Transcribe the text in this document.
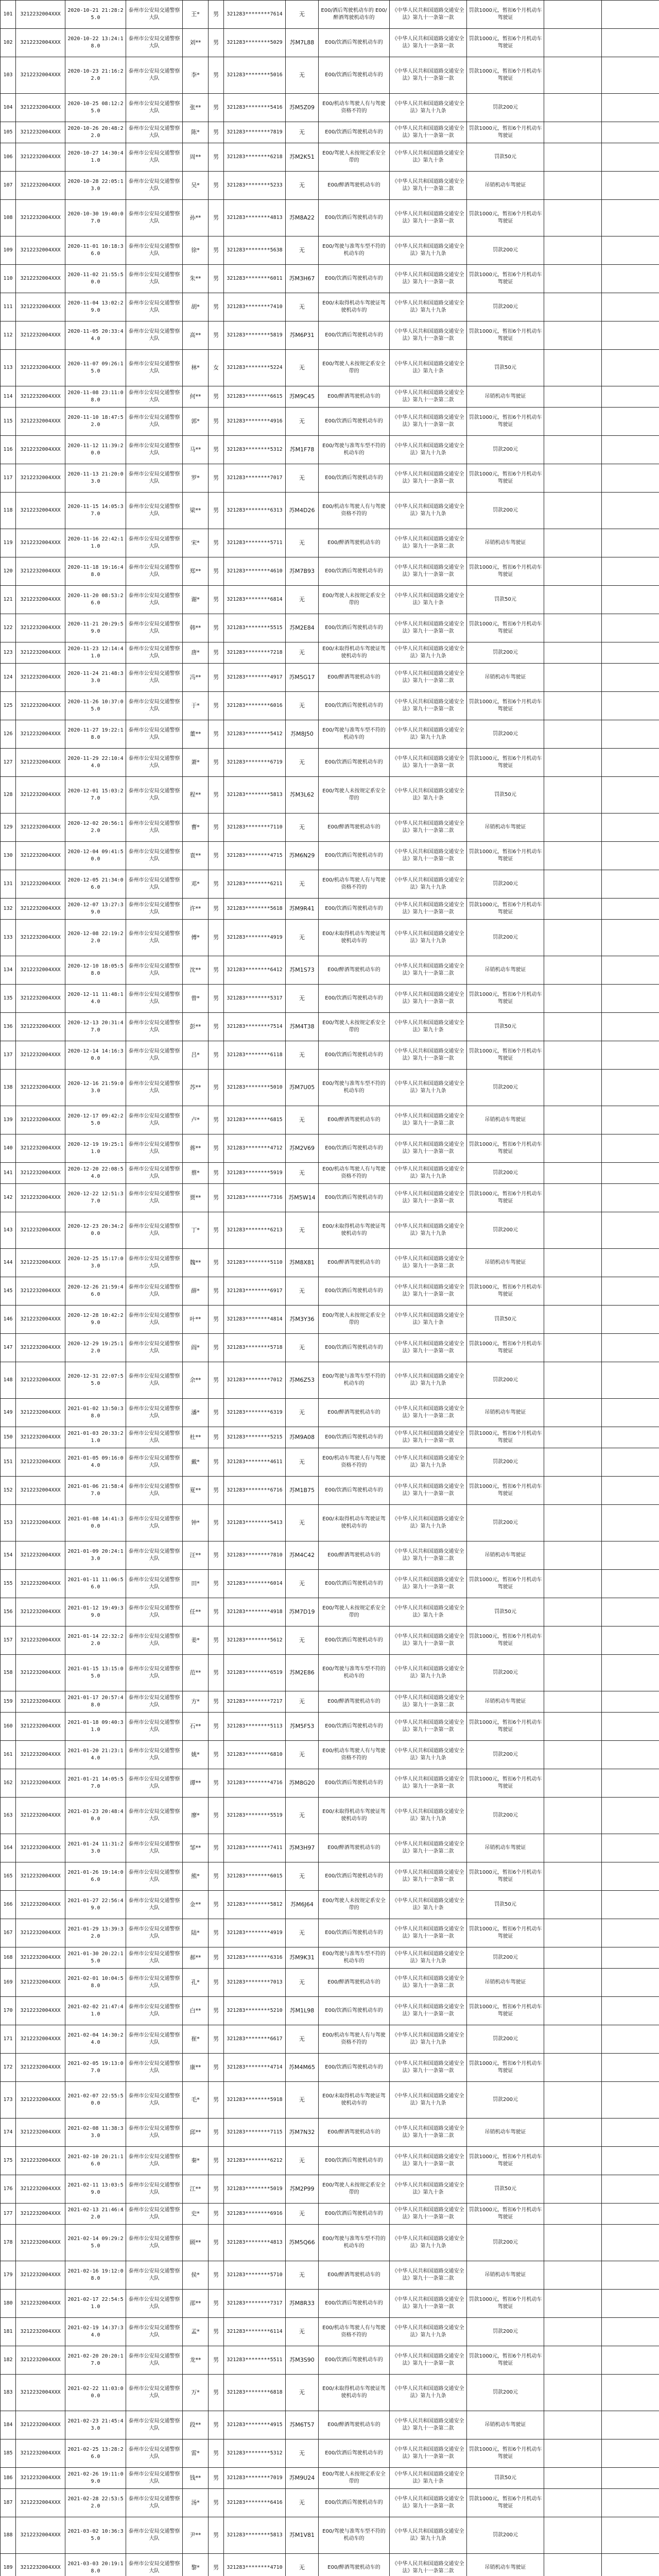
101	3212232004XXX	2020-10-21 21:28:25.0	泰州市公安局交通警察大队	王*	男	321283********7614	无	E00/酒后驾驶机动车的 E00/醉酒驾驶机动车的	《中华人民共和国道路交通安全法》第九十一条第一款	罚款1000元，暂扣6个月机动车驾驶证		
102	3212232004XXX	2020-10-22 13:24:18.0	泰州市公安局交通警察大队	刘**	男	321283********5029	苏M7L88	E00/饮酒后驾驶机动车的	《中华人民共和国道路交通安全法》第九十一条第一款	罚款1000元，暂扣6个月机动车驾驶证		
103	3212232004XXX	2020-10-23 21:16:22.0	泰州市公安局交通警察大队	李*	男	321283********5016	无	E00/饮酒后驾驶机动车的	《中华人民共和国道路交通安全法》第九十一条第一款	罚款1000元，暂扣6个月机动车驾驶证		
104	3212232004XXX	2020-10-25 08:12:25.0	泰州市公安局交通警察大队	张**	男	321283********5416	苏M5Z09	E00/机动车驾驶人有与驾驶资格不符的	《中华人民共和国道路交通安全法》第九十九条	罚款200元		
105	3212232004XXX	2020-10-26 20:48:22.0	泰州市公安局交通警察大队	陈*	男	321283********7819	无	E00/饮酒后驾驶机动车的	《中华人民共和国道路交通安全法》第九十一条第一款	罚款1000元，暂扣6个月机动车驾驶证		
106	3212232004XXX	2020-10-27 14:30:41.0	泰州市公安局交通警察大队	周**	男	321283********6218	苏M2K51	E00/驾驶人未按规定系安全带的	《中华人民共和国道路交通安全法》第九十条	罚款50元		
107	3212232004XXX	2020-10-28 22:05:13.0	泰州市公安局交通警察大队	吴*	男	321283********5233	无	E00/醉酒驾驶机动车的	《中华人民共和国道路交通安全法》第九十一条第二款	吊销机动车驾驶证		
108	3212232004XXX	2020-10-30 19:40:07.0	泰州市公安局交通警察大队	孙**	男	321283********4813	苏M8A22	E00/饮酒后驾驶机动车的	《中华人民共和国道路交通安全法》第九十一条第一款	罚款1000元，暂扣6个月机动车驾驶证		
109	3212232004XXX	2020-11-01 10:18:36.0	泰州市公安局交通警察大队	徐*	男	321283********5638	无	E00/驾驶与准驾车型不符的机动车的	《中华人民共和国道路交通安全法》第九十九条	罚款200元		
110	3212232004XXX	2020-11-02 21:55:50.0	泰州市公安局交通警察大队	朱**	男	321283********6011	苏M3H67	E00/饮酒后驾驶机动车的	《中华人民共和国道路交通安全法》第九十一条第一款	罚款1000元，暂扣6个月机动车驾驶证		
111	3212232004XXX	2020-11-04 13:02:29.0	泰州市公安局交通警察大队	胡*	男	321283********7410	无	E00/未取得机动车驾驶证驾驶机动车的	《中华人民共和国道路交通安全法》第九十九条	罚款200元		
112	3212232004XXX	2020-11-05 20:33:44.0	泰州市公安局交通警察大队	高**	男	321283********5819	苏M6P31	E00/饮酒后驾驶机动车的	《中华人民共和国道路交通安全法》第九十一条第一款	罚款1000元，暂扣6个月机动车驾驶证		
113	3212232004XXX	2020-11-07 09:26:15.0	泰州市公安局交通警察大队	林*	女	321283********5224	无	E00/驾驶人未按规定系安全带的	《中华人民共和国道路交通安全法》第九十条	罚款50元		
114	3212232004XXX	2020-11-08 23:11:08.0	泰州市公安局交通警察大队	何**	男	321283********6615	苏M9C45	E00/醉酒驾驶机动车的	《中华人民共和国道路交通安全法》第九十一条第二款	吊销机动车驾驶证		
115	3212232004XXX	2020-11-10 18:47:52.0	泰州市公安局交通警察大队	郭*	男	321283********4916	无	E00/饮酒后驾驶机动车的	《中华人民共和国道路交通安全法》第九十一条第一款	罚款1000元，暂扣6个月机动车驾驶证		
116	3212232004XXX	2020-11-12 11:39:20.0	泰州市公安局交通警察大队	马**	男	321283********5312	苏M1F78	E00/驾驶与准驾车型不符的机动车的	《中华人民共和国道路交通安全法》第九十九条	罚款200元		
117	3212232004XXX	2020-11-13 21:20:03.0	泰州市公安局交通警察大队	罗*	男	321283********7017	无	E00/饮酒后驾驶机动车的	《中华人民共和国道路交通安全法》第九十一条第一款	罚款1000元，暂扣6个月机动车驾驶证		
118	3212232004XXX	2020-11-15 14:05:37.0	泰州市公安局交通警察大队	梁**	男	321283********6313	苏M4D26	E00/机动车驾驶人有与驾驶资格不符的	《中华人民共和国道路交通安全法》第九十九条	罚款200元		
119	3212232004XXX	2020-11-16 22:42:11.0	泰州市公安局交通警察大队	宋*	男	321283********5711	无	E00/醉酒驾驶机动车的	《中华人民共和国道路交通安全法》第九十一条第二款	吊销机动车驾驶证		
120	3212232004XXX	2020-11-18 19:16:48.0	泰州市公安局交通警察大队	郑**	男	321283********4610	苏M7B93	E00/饮酒后驾驶机动车的	《中华人民共和国道路交通安全法》第九十一条第一款	罚款1000元，暂扣6个月机动车驾驶证		
121	3212232004XXX	2020-11-20 08:53:26.0	泰州市公安局交通警察大队	谢*	男	321283********6814	无	E00/驾驶人未按规定系安全带的	《中华人民共和国道路交通安全法》第九十条	罚款50元		
122	3212232004XXX	2020-11-21 20:29:59.0	泰州市公安局交通警察大队	韩**	男	321283********5515	苏M2E84	E00/饮酒后驾驶机动车的	《中华人民共和国道路交通安全法》第九十一条第一款	罚款1000元，暂扣6个月机动车驾驶证		
123	3212232004XXX	2020-11-23 12:14:41.0	泰州市公安局交通警察大队	唐*	男	321283********7218	无	E00/未取得机动车驾驶证驾驶机动车的	《中华人民共和国道路交通安全法》第九十九条	罚款200元		
124	3212232004XXX	2020-11-24 21:48:33.0	泰州市公安局交通警察大队	冯**	男	321283********4917	苏M5G17	E00/醉酒驾驶机动车的	《中华人民共和国道路交通安全法》第九十一条第二款	吊销机动车驾驶证		
125	3212232004XXX	2020-11-26 10:37:05.0	泰州市公安局交通警察大队	于*	男	321283********6016	无	E00/饮酒后驾驶机动车的	《中华人民共和国道路交通安全法》第九十一条第一款	罚款1000元，暂扣6个月机动车驾驶证		
126	3212232004XXX	2020-11-27 19:22:18.0	泰州市公安局交通警察大队	董**	男	321283********5412	苏M8J50	E00/驾驶与准驾车型不符的机动车的	《中华人民共和国道路交通安全法》第九十九条	罚款200元		
127	3212232004XXX	2020-11-29 22:10:44.0	泰州市公安局交通警察大队	萧*	男	321283********6719	无	E00/饮酒后驾驶机动车的	《中华人民共和国道路交通安全法》第九十一条第一款	罚款1000元，暂扣6个月机动车驾驶证		
128	3212232004XXX	2020-12-01 15:03:27.0	泰州市公安局交通警察大队	程**	男	321283********5813	苏M3L62	E00/驾驶人未按规定系安全带的	《中华人民共和国道路交通安全法》第九十条	罚款50元		
129	3212232004XXX	2020-12-02 20:56:12.0	泰州市公安局交通警察大队	曹*	男	321283********7110	无	E00/醉酒驾驶机动车的	《中华人民共和国道路交通安全法》第九十一条第二款	吊销机动车驾驶证		
130	3212232004XXX	2020-12-04 09:41:50.0	泰州市公安局交通警察大队	袁**	男	321283********4715	苏M6N29	E00/饮酒后驾驶机动车的	《中华人民共和国道路交通安全法》第九十一条第一款	罚款1000元，暂扣6个月机动车驾驶证		
131	3212232004XXX	2020-12-05 21:34:06.0	泰州市公安局交通警察大队	邓*	男	321283********6211	无	E00/机动车驾驶人有与驾驶资格不符的	《中华人民共和国道路交通安全法》第九十九条	罚款200元		
132	3212232004XXX	2020-12-07 13:27:39.0	泰州市公安局交通警察大队	许**	男	321283********5618	苏M9R41	E00/饮酒后驾驶机动车的	《中华人民共和国道路交通安全法》第九十一条第一款	罚款1000元，暂扣6个月机动车驾驶证		
133	3212232004XXX	2020-12-08 22:19:22.0	泰州市公安局交通警察大队	傅*	男	321283********4919	无	E00/未取得机动车驾驶证驾驶机动车的	《中华人民共和国道路交通安全法》第九十九条	罚款200元		
134	3212232004XXX	2020-12-10 18:05:58.0	泰州市公安局交通警察大队	沈**	男	321283********6412	苏M1S73	E00/醉酒驾驶机动车的	《中华人民共和国道路交通安全法》第九十一条第二款	吊销机动车驾驶证		
135	3212232004XXX	2020-12-11 11:48:14.0	泰州市公安局交通警察大队	曾*	男	321283********5317	无	E00/饮酒后驾驶机动车的	《中华人民共和国道路交通安全法》第九十一条第一款	罚款1000元，暂扣6个月机动车驾驶证		
136	3212232004XXX	2020-12-13 20:31:47.0	泰州市公安局交通警察大队	彭**	男	321283********7514	苏M4T38	E00/驾驶人未按规定系安全带的	《中华人民共和国道路交通安全法》第九十条	罚款50元		
137	3212232004XXX	2020-12-14 14:16:30.0	泰州市公安局交通警察大队	吕*	男	321283********6118	无	E00/饮酒后驾驶机动车的	《中华人民共和国道路交通安全法》第九十一条第一款	罚款1000元，暂扣6个月机动车驾驶证		
138	3212232004XXX	2020-12-16 21:59:03.0	泰州市公安局交通警察大队	苏**	男	321283********5010	苏M7U05	E00/驾驶与准驾车型不符的机动车的	《中华人民共和国道路交通安全法》第九十九条	罚款200元		
139	3212232004XXX	2020-12-17 09:42:25.0	泰州市公安局交通警察大队	卢*	男	321283********6815	无	E00/醉酒驾驶机动车的	《中华人民共和国道路交通安全法》第九十一条第二款	吊销机动车驾驶证		
140	3212232004XXX	2020-12-19 19:25:11.0	泰州市公安局交通警察大队	蒋**	男	321283********4712	苏M2V69	E00/饮酒后驾驶机动车的	《中华人民共和国道路交通安全法》第九十一条第一款	罚款1000元，暂扣6个月机动车驾驶证		
141	3212232004XXX	2020-12-20 22:08:54.0	泰州市公安局交通警察大队	蔡*	男	321283********5919	无	E00/机动车驾驶人有与驾驶资格不符的	《中华人民共和国道路交通安全法》第九十九条	罚款200元		
142	3212232004XXX	2020-12-22 12:51:37.0	泰州市公安局交通警察大队	贾**	男	321283********7316	苏M5W14	E00/饮酒后驾驶机动车的	《中华人民共和国道路交通安全法》第九十一条第一款	罚款1000元，暂扣6个月机动车驾驶证		
143	3212232004XXX	2020-12-23 20:34:20.0	泰州市公安局交通警察大队	丁*	男	321283********6213	无	E00/未取得机动车驾驶证驾驶机动车的	《中华人民共和国道路交通安全法》第九十九条	罚款200元		
144	3212232004XXX	2020-12-25 15:17:03.0	泰州市公安局交通警察大队	魏**	男	321283********5110	苏M8X81	E00/醉酒驾驶机动车的	《中华人民共和国道路交通安全法》第九十一条第二款	吊销机动车驾驶证		
145	3212232004XXX	2020-12-26 21:59:46.0	泰州市公安局交通警察大队	薛*	男	321283********6917	无	E00/饮酒后驾驶机动车的	《中华人民共和国道路交通安全法》第九十一条第一款	罚款1000元，暂扣6个月机动车驾驶证		
146	3212232004XXX	2020-12-28 10:42:29.0	泰州市公安局交通警察大队	叶**	男	321283********4814	苏M3Y36	E00/驾驶人未按规定系安全带的	《中华人民共和国道路交通安全法》第九十条	罚款50元		
147	3212232004XXX	2020-12-29 19:25:12.0	泰州市公安局交通警察大队	阎*	男	321283********5718	无	E00/饮酒后驾驶机动车的	《中华人民共和国道路交通安全法》第九十一条第一款	罚款1000元，暂扣6个月机动车驾驶证		
148	3212232004XXX	2020-12-31 22:07:55.0	泰州市公安局交通警察大队	余**	男	321283********7012	苏M6Z53	E00/驾驶与准驾车型不符的机动车的	《中华人民共和国道路交通安全法》第九十九条	罚款200元		
149	3212232004XXX	2021-01-02 13:50:38.0	泰州市公安局交通警察大队	潘*	男	321283********6319	无	E00/醉酒驾驶机动车的	《中华人民共和国道路交通安全法》第九十一条第二款	吊销机动车驾驶证		
150	3212232004XXX	2021-01-03 20:33:21.0	泰州市公安局交通警察大队	杜**	男	321283********5215	苏M9A08	E00/饮酒后驾驶机动车的	《中华人民共和国道路交通安全法》第九十一条第一款	罚款1000元，暂扣6个月机动车驾驶证		
151	3212232004XXX	2021-01-05 09:16:04.0	泰州市公安局交通警察大队	戴*	男	321283********4611	无	E00/机动车驾驶人有与驾驶资格不符的	《中华人民共和国道路交通安全法》第九十九条	罚款200元		
152	3212232004XXX	2021-01-06 21:58:47.0	泰州市公安局交通警察大队	夏**	男	321283********6716	苏M1B75	E00/饮酒后驾驶机动车的	《中华人民共和国道路交通安全法》第九十一条第一款	罚款1000元，暂扣6个月机动车驾驶证		
153	3212232004XXX	2021-01-08 14:41:30.0	泰州市公安局交通警察大队	钟*	男	321283********5413	无	E00/未取得机动车驾驶证驾驶机动车的	《中华人民共和国道路交通安全法》第九十九条	罚款200元		
154	3212232004XXX	2021-01-09 20:24:13.0	泰州市公安局交通警察大队	汪**	男	321283********7810	苏M4C42	E00/醉酒驾驶机动车的	《中华人民共和国道路交通安全法》第九十一条第二款	吊销机动车驾驶证		
155	3212232004XXX	2021-01-11 11:06:56.0	泰州市公安局交通警察大队	田*	男	321283********6014	无	E00/饮酒后驾驶机动车的	《中华人民共和国道路交通安全法》第九十一条第一款	罚款1000元，暂扣6个月机动车驾驶证		
156	3212232004XXX	2021-01-12 19:49:39.0	泰州市公安局交通警察大队	任**	男	321283********4918	苏M7D19	E00/驾驶人未按规定系安全带的	《中华人民共和国道路交通安全法》第九十条	罚款50元		
157	3212232004XXX	2021-01-14 22:32:22.0	泰州市公安局交通警察大队	姜*	男	321283********5612	无	E00/饮酒后驾驶机动车的	《中华人民共和国道路交通安全法》第九十一条第一款	罚款1000元，暂扣6个月机动车驾驶证		
158	3212232004XXX	2021-01-15 13:15:05.0	泰州市公安局交通警察大队	范**	男	321283********6519	苏M2E86	E00/驾驶与准驾车型不符的机动车的	《中华人民共和国道路交通安全法》第九十九条	罚款200元		
159	3212232004XXX	2021-01-17 20:57:48.0	泰州市公安局交通警察大队	方*	男	321283********7217	无	E00/醉酒驾驶机动车的	《中华人民共和国道路交通安全法》第九十一条第二款	吊销机动车驾驶证		
160	3212232004XXX	2021-01-18 09:40:31.0	泰州市公安局交通警察大队	石**	男	321283********5113	苏M5F53	E00/饮酒后驾驶机动车的	《中华人民共和国道路交通安全法》第九十一条第一款	罚款1000元，暂扣6个月机动车驾驶证		
161	3212232004XXX	2021-01-20 21:23:14.0	泰州市公安局交通警察大队	姚*	男	321283********6810	无	E00/机动车驾驶人有与驾驶资格不符的	《中华人民共和国道路交通安全法》第九十九条	罚款200元		
162	3212232004XXX	2021-01-21 14:05:57.0	泰州市公安局交通警察大队	谭**	男	321283********4716	苏M8G20	E00/饮酒后驾驶机动车的	《中华人民共和国道路交通安全法》第九十一条第一款	罚款1000元，暂扣6个月机动车驾驶证		
163	3212232004XXX	2021-01-23 20:48:40.0	泰州市公安局交通警察大队	廖*	男	321283********5519	无	E00/未取得机动车驾驶证驾驶机动车的	《中华人民共和国道路交通安全法》第九十九条	罚款200元		
164	3212232004XXX	2021-01-24 11:31:23.0	泰州市公安局交通警察大队	邹**	男	321283********7411	苏M3H97	E00/醉酒驾驶机动车的	《中华人民共和国道路交通安全法》第九十一条第二款	吊销机动车驾驶证		
165	3212232004XXX	2021-01-26 19:14:06.0	泰州市公安局交通警察大队	熊*	男	321283********6015	无	E00/饮酒后驾驶机动车的	《中华人民共和国道路交通安全法》第九十一条第一款	罚款1000元，暂扣6个月机动车驾驶证		
166	3212232004XXX	2021-01-27 22:56:49.0	泰州市公安局交通警察大队	金**	男	321283********5812	苏M6J64	E00/驾驶人未按规定系安全带的	《中华人民共和国道路交通安全法》第九十条	罚款50元		
167	3212232004XXX	2021-01-29 13:39:32.0	泰州市公安局交通警察大队	陆*	男	321283********4919	无	E00/饮酒后驾驶机动车的	《中华人民共和国道路交通安全法》第九十一条第一款	罚款1000元，暂扣6个月机动车驾驶证		
168	3212232004XXX	2021-01-30 20:22:15.0	泰州市公安局交通警察大队	郝**	男	321283********6316	苏M9K31	E00/驾驶与准驾车型不符的机动车的	《中华人民共和国道路交通安全法》第九十九条	罚款200元		
169	3212232004XXX	2021-02-01 10:04:58.0	泰州市公安局交通警察大队	孔*	男	321283********7013	无	E00/醉酒驾驶机动车的	《中华人民共和国道路交通安全法》第九十一条第二款	吊销机动车驾驶证		
170	3212232004XXX	2021-02-02 21:47:41.0	泰州市公安局交通警察大队	白**	男	321283********5210	苏M1L98	E00/饮酒后驾驶机动车的	《中华人民共和国道路交通安全法》第九十一条第一款	罚款1000元，暂扣6个月机动车驾驶证		
171	3212232004XXX	2021-02-04 14:30:24.0	泰州市公安局交通警察大队	崔*	男	321283********6617	无	E00/机动车驾驶人有与驾驶资格不符的	《中华人民共和国道路交通安全法》第九十九条	罚款200元		
172	3212232004XXX	2021-02-05 19:13:07.0	泰州市公安局交通警察大队	康**	男	321283********4714	苏M4M65	E00/饮酒后驾驶机动车的	《中华人民共和国道路交通安全法》第九十一条第一款	罚款1000元，暂扣6个月机动车驾驶证		
173	3212232004XXX	2021-02-07 22:55:50.0	泰州市公安局交通警察大队	毛*	男	321283********5918	无	E00/未取得机动车驾驶证驾驶机动车的	《中华人民共和国道路交通安全法》第九十九条	罚款200元		
174	3212232004XXX	2021-02-08 11:38:33.0	泰州市公安局交通警察大队	邱**	男	321283********7115	苏M7N32	E00/醉酒驾驶机动车的	《中华人民共和国道路交通安全法》第九十一条第二款	吊销机动车驾驶证		
175	3212232004XXX	2021-02-10 20:21:16.0	泰州市公安局交通警察大队	秦*	男	321283********6212	无	E00/饮酒后驾驶机动车的	《中华人民共和国道路交通安全法》第九十一条第一款	罚款1000元，暂扣6个月机动车驾驶证		
176	3212232004XXX	2021-02-11 13:03:59.0	泰州市公安局交通警察大队	江**	男	321283********5019	苏M2P99	E00/驾驶人未按规定系安全带的	《中华人民共和国道路交通安全法》第九十条	罚款50元		
177	3212232004XXX	2021-02-13 21:46:42.0	泰州市公安局交通警察大队	史*	男	321283********6916	无	E00/饮酒后驾驶机动车的	《中华人民共和国道路交通安全法》第九十一条第一款	罚款1000元，暂扣6个月机动车驾驶证		
178	3212232004XXX	2021-02-14 09:29:25.0	泰州市公安局交通警察大队	顾**	男	321283********4813	苏M5Q66	E00/驾驶与准驾车型不符的机动车的	《中华人民共和国道路交通安全法》第九十九条	罚款200元		
179	3212232004XXX	2021-02-16 19:12:08.0	泰州市公安局交通警察大队	侯*	男	321283********5710	无	E00/醉酒驾驶机动车的	《中华人民共和国道路交通安全法》第九十一条第二款	吊销机动车驾驶证		
180	3212232004XXX	2021-02-17 22:54:51.0	泰州市公安局交通警察大队	邵**	男	321283********7317	苏M8R33	E00/饮酒后驾驶机动车的	《中华人民共和国道路交通安全法》第九十一条第一款	罚款1000元，暂扣6个月机动车驾驶证		
181	3212232004XXX	2021-02-19 14:37:34.0	泰州市公安局交通警察大队	孟*	男	321283********6114	无	E00/机动车驾驶人有与驾驶资格不符的	《中华人民共和国道路交通安全法》第九十九条	罚款200元		
182	3212232004XXX	2021-02-20 20:20:17.0	泰州市公安局交通警察大队	龙**	男	321283********5511	苏M3S90	E00/饮酒后驾驶机动车的	《中华人民共和国道路交通安全法》第九十一条第一款	罚款1000元，暂扣6个月机动车驾驶证		
183	3212232004XXX	2021-02-22 11:03:00.0	泰州市公安局交通警察大队	万*	男	321283********6818	无	E00/未取得机动车驾驶证驾驶机动车的	《中华人民共和国道路交通安全法》第九十九条	罚款200元		
184	3212232004XXX	2021-02-23 21:45:43.0	泰州市公安局交通警察大队	段**	男	321283********4915	苏M6T57	E00/醉酒驾驶机动车的	《中华人民共和国道路交通安全法》第九十一条第二款	吊销机动车驾驶证		
185	3212232004XXX	2021-02-25 13:28:26.0	泰州市公安局交通警察大队	雷*	男	321283********5312	无	E00/饮酒后驾驶机动车的	《中华人民共和国道路交通安全法》第九十一条第一款	罚款1000元，暂扣6个月机动车驾驶证		
186	3212232004XXX	2021-02-26 19:11:09.0	泰州市公安局交通警察大队	钱**	男	321283********7019	苏M9U24	E00/驾驶人未按规定系安全带的	《中华人民共和国道路交通安全法》第九十条	罚款50元		
187	3212232004XXX	2021-02-28 22:53:52.0	泰州市公安局交通警察大队	汤*	男	321283********6416	无	E00/饮酒后驾驶机动车的	《中华人民共和国道路交通安全法》第九十一条第一款	罚款1000元，暂扣6个月机动车驾驶证		
188	3212232004XXX	2021-03-02 10:36:35.0	泰州市公安局交通警察大队	尹**	男	321283********5813	苏M1V81	E00/驾驶与准驾车型不符的机动车的	《中华人民共和国道路交通安全法》第九十九条	罚款200元		
189	3212232004XXX	2021-03-03 20:19:18.0	泰州市公安局交通警察大队	黎*	男	321283********4710	无	E00/醉酒驾驶机动车的	《中华人民共和国道路交通安全法》第九十一条第二款	吊销机动车驾驶证		
